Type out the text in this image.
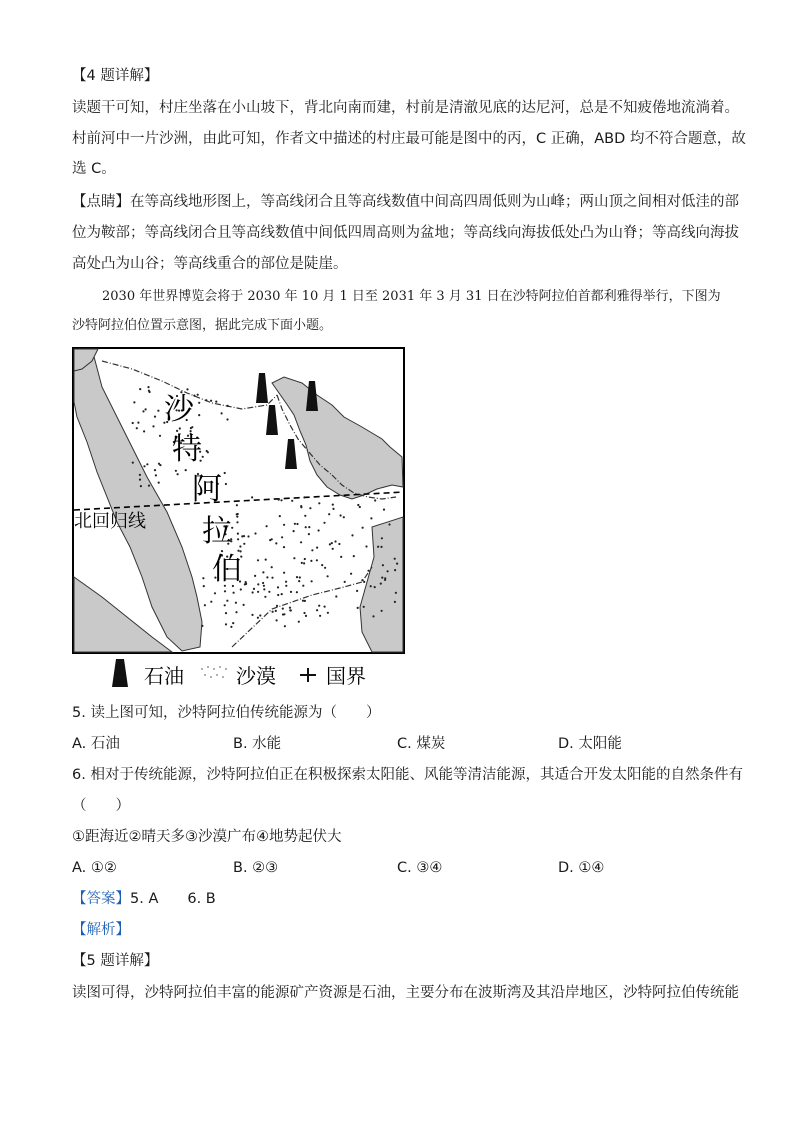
【4 题详解】
读题干可知，村庄坐落在小山坡下，背北向南而建，村前是清澈见底的达尼河，总是不知疲倦地流淌着。
村前河中一片沙洲，由此可知，作者文中描述的村庄最可能是图中的丙，C 正确，ABD 均不符合题意，故
选 C。
【点睛】在等高线地形图上，等高线闭合且等高线数值中间高四周低则为山峰；两山顶之间相对低洼的部
位为鞍部；等高线闭合且等高线数值中间低四周高则为盆地；等高线向海拔低处凸为山脊；等高线向海拔
高处凸为山谷；等高线重合的部位是陡崖。
2030 年世界博览会将于 2030 年 10 月 1 日至 2031 年 3 月 31 日在沙特阿拉伯首都利雅得举行，下图为
沙特阿拉伯位置示意图，据此完成下面小题。
沙
特
阿
拉
伯
北回归线
石油	沙漠	国界
5. 读上图可知，沙特阿拉伯传统能源为（　　）
A. 石油	B. 水能	C. 煤炭	D. 太阳能
6. 相对于传统能源，沙特阿拉伯正在积极探索太阳能、风能等清洁能源，其适合开发太阳能的自然条件有
（　　）
①距海近②晴天多③沙漠广布④地势起伏大
A. ①②	B. ②③	C. ③④	D. ①④
【答案】5. A　　6. B
【解析】
【5 题详解】
读图可得，沙特阿拉伯丰富的能源矿产资源是石油，主要分布在波斯湾及其沿岸地区，沙特阿拉伯传统能
